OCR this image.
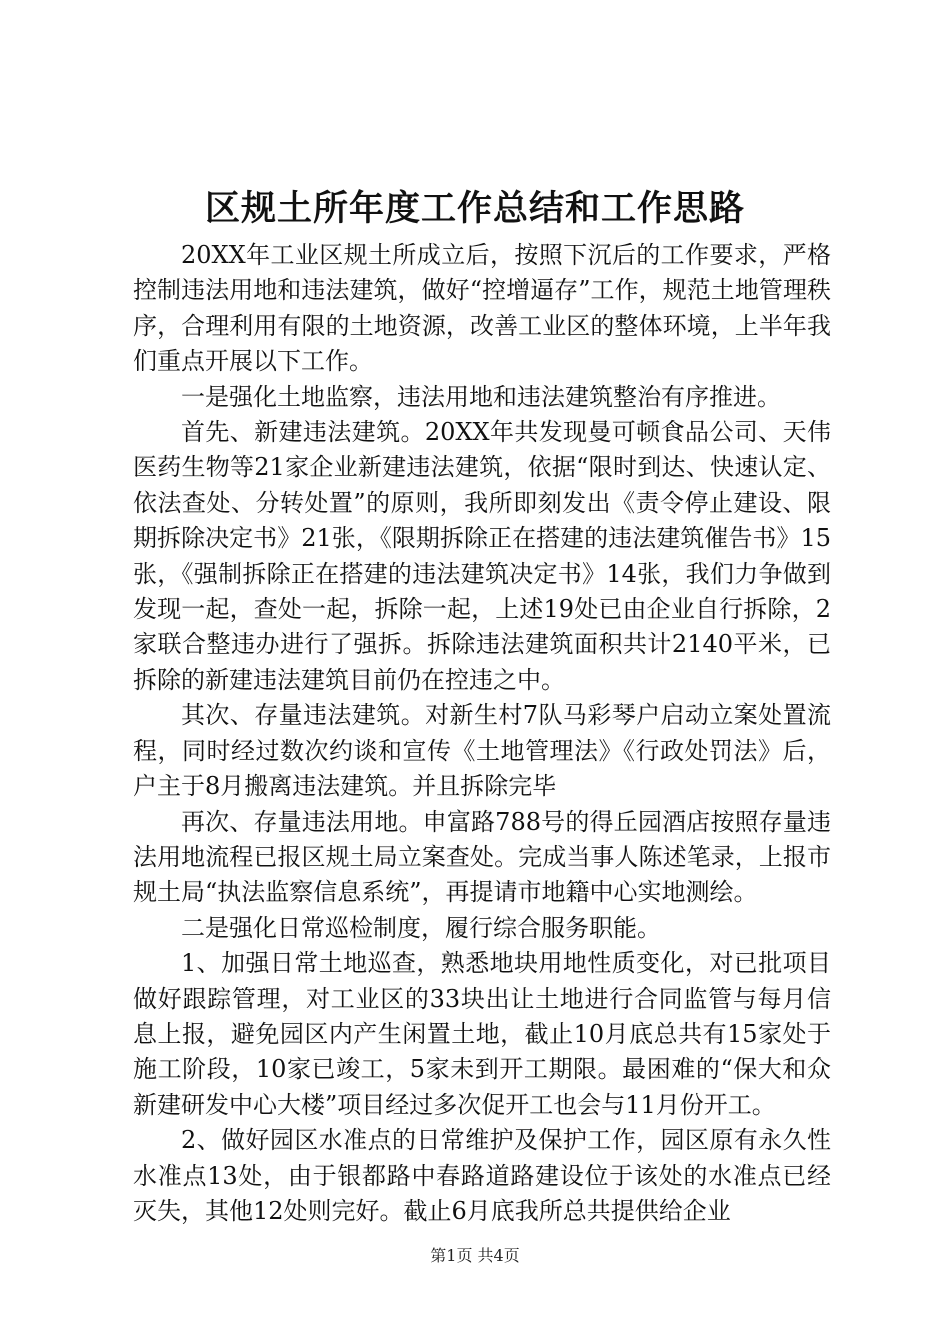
区规土所年度工作总结和工作思路

20XX年工业区规土所成立后，按照下沉后的工作要求，严格控制违法用地和违法建筑，做好“控增逼存”工作，规范土地管理秩序，合理利用有限的土地资源，改善工业区的整体环境，上半年我们重点开展以下工作。

一是强化土地监察，违法用地和违法建筑整治有序推进。

首先、新建违法建筑。20XX年共发现曼可顿食品公司、天伟医药生物等21家企业新建违法建筑，依据“限时到达、快速认定、依法查处、分转处置”的原则，我所即刻发出《责令停止建设、限期拆除决定书》21张，《限期拆除正在搭建的违法建筑催告书》15张，《强制拆除正在搭建的违法建筑决定书》14张，我们力争做到发现一起，查处一起，拆除一起，上述19处已由企业自行拆除，2家联合整违办进行了强拆。拆除违法建筑面积共计2140平米，已拆除的新建违法建筑目前仍在控违之中。

其次、存量违法建筑。对新生村7队马彩琴户启动立案处置流程，同时经过数次约谈和宣传《土地管理法》《行政处罚法》后，户主于8月搬离违法建筑。并且拆除完毕

再次、存量违法用地。申富路788号的得丘园酒店按照存量违法用地流程已报区规土局立案查处。完成当事人陈述笔录，上报市规土局“执法监察信息系统”，再提请市地籍中心实地测绘。

二是强化日常巡检制度，履行综合服务职能。

1、加强日常土地巡查，熟悉地块用地性质变化，对已批项目做好跟踪管理，对工业区的33块出让土地进行合同监管与每月信息上报，避免园区内产生闲置土地，截止10月底总共有15家处于施工阶段，10家已竣工，5家未到开工期限。最困难的“保大和众新建研发中心大楼”项目经过多次促开工也会与11月份开工。

2、做好园区水准点的日常维护及保护工作，园区原有永久性水准点13处，由于银都路中春路道路建设位于该处的水准点已经灭失，其他12处则完好。截止6月底我所总共提供给企业

第1页 共4页
